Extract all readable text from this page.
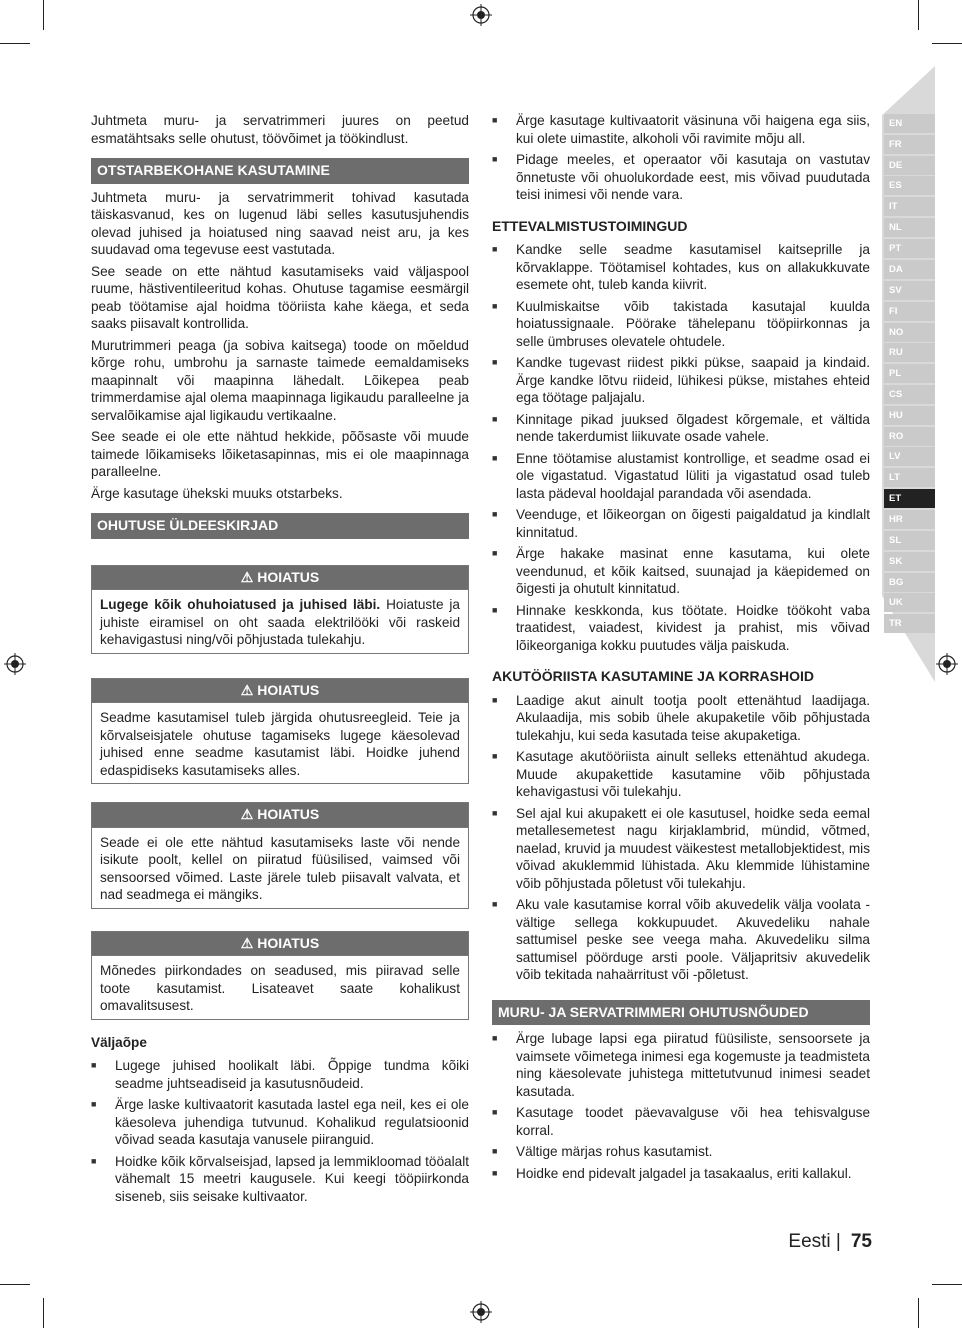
Juhtmeta muru- ja servatrimmeri juures on peetud esmatähtsaks selle ohutust, töövõimet ja töökindlust.

OTSTARBEKOHANE KASUTAMINE

Juhtmeta muru- ja servatrimmerit tohivad kasutada täiskasvanud, kes on lugenud läbi selles kasutusjuhendis olevad juhised ja hoiatused ning saavad neist aru, ja kes suudavad oma tegevuse eest vastutada.

See seade on ette nähtud kasutamiseks vaid väljaspool ruume, hästiventileeritud kohas. Ohutuse tagamise eesmärgil peab töötamise ajal hoidma tööriista kahe käega, et seda saaks piisavalt kontrollida.

Murutrimmeri peaga (ja sobiva kaitsega) toode on mõeldud kõrge rohu, umbrohu ja sarnaste taimede eemaldamiseks maapinnalt või maapinna lähedalt. Lõikepea peab trimmerdamise ajal olema maapinnaga ligikaudu paralleelne ja servalõikamise ajal ligikaudu vertikaalne.

See seade ei ole ette nähtud hekkide, põõsaste või muude taimede lõikamiseks lõiketasapinnas, mis ei ole maapinnaga paralleelne.

Ärge kasutage ühekski muuks otstarbeks.

OHUTUSE ÜLDEESKIRJAD
⚠ HOIATUS
Lugege kõik ohuhoiatused ja juhised läbi. Hoiatuste ja juhiste eiramisel on oht saada elektrilööki või raskeid kehavigastusi ning/või põhjustada tulekahju.
⚠ HOIATUS
Seadme kasutamisel tuleb järgida ohutusreegleid. Teie ja kõrvalseisjatele ohutuse tagamiseks lugege käesolevad juhised enne seadme kasutamist läbi. Hoidke juhend edaspidiseks kasutamiseks alles.
⚠ HOIATUS
Seade ei ole ette nähtud kasutamiseks laste või nende isikute poolt, kellel on piiratud füüsilised, vaimsed või sensoorsed võimed. Laste järele tuleb piisavalt valvata, et nad seadmega ei mängiks.
⚠ HOIATUS
Mõnedes piirkondades on seadused, mis piiravad selle toote kasutamist. Lisateavet saate kohalikust omavalitsusest.
Väljaõpe
■ Lugege juhised hoolikalt läbi. Õppige tundma kõiki seadme juhtseadiseid ja kasutusnõudeid.
■ Ärge laske kultivaatorit kasutada lastel ega neil, kes ei ole käesoleva juhendiga tutvunud. Kohalikud regulatsioonid võivad seada kasutaja vanusele piiranguid.
■ Hoidke kõik kõrvalseisjad, lapsed ja lemmikloomad tööalalt vähemalt 15 meetri kaugusele. Kui keegi tööpiirkonda siseneb, siis seisake kultivaator.
■ Ärge kasutage kultivaatorit väsinuna või haigena ega siis, kui olete uimastite, alkoholi või ravimite mõju all.
■ Pidage meeles, et operaator või kasutaja on vastutav õnnetuste või ohuolukordade eest, mis võivad puudutada teisi inimesi või nende vara.
ETTEVALMISTUSTOIMINGUD
■ Kandke selle seadme kasutamisel kaitseprille ja kõrvaklappe. Töötamisel kohtades, kus on allakukkuvate esemete oht, tuleb kanda kiivrit.
■ Kuulmiskaitse võib takistada kasutajal kuulda hoiatussignaale. Pöörake tähelepanu tööpiirkonnas ja selle ümbruses olevatele ohtudele.
■ Kandke tugevast riidest pikki pükse, saapaid ja kindaid. Ärge kandke lõtvu riideid, lühikesi pükse, mistahes ehteid ega töötage paljajalu.
■ Kinnitage pikad juuksed õlgadest kõrgemale, et vältida nende takerdumist liikuvate osade vahele.
■ Enne töötamise alustamist kontrollige, et seadme osad ei ole vigastatud. Vigastatud lüliti ja vigastatud osad tuleb lasta pädeval hooldajal parandada või asendada.
■ Veenduge, et lõikeorgan on õigesti paigaldatud ja kindlalt kinnitatud.
■ Ärge hakake masinat enne kasutama, kui olete veendunud, et kõik kaitsed, suunajad ja käepidemed on õigesti ja ohutult kinnitatud.
■ Hinnake keskkonda, kus töötate. Hoidke töökoht vaba traatidest, vaiadest, kividest ja prahist, mis võivad lõikeorganiga kokku puutudes välja paiskuda.
AKUTÖÖRIISTA KASUTAMINE JA KORRASHOID
■ Laadige akut ainult tootja poolt ettenähtud laadijaga. Akulaadija, mis sobib ühele akupaketile võib põhjustada tulekahju, kui seda kasutada teise akupaketiga.
■ Kasutage akutööriista ainult selleks ettenähtud akudega. Muude akupakettide kasutamine võib põhjustada kehavigastusi või tulekahju.
■ Sel ajal kui akupakett ei ole kasutusel, hoidke seda eemal metallesemetest nagu kirjaklambrid, mündid, võtmed, naelad, kruvid ja muudest väikestest metallobjektidest, mis võivad akuklemmid lühistada. Aku klemmide lühistamine võib põhjustada põletust või tulekahju.
■ Aku vale kasutamise korral võib akuvedelik välja voolata - vältige sellega kokkupuudet. Akuvedeliku nahale sattumisel peske see veega maha. Akuvedeliku silma sattumisel pöörduge arsti poole. Väljapritsiv akuvedelik võib tekitada nahaärritust või -põletust.
MURU- JA SERVATRIMMERI OHUTUSNÕUDED
■ Ärge lubage lapsi ega piiratud füüsiliste, sensoorsete ja vaimsete võimetega inimesi ega kogemuste ja teadmisteta ning käesolevate juhistega mittetutvunud inimesi seadet kasutada.
■ Kasutage toodet päevavalguse või hea tehisvalguse korral.
■ Vältige märjas rohus kasutamist.
■ Hoidke end pidevalt jalgadel ja tasakaalus, eriti kallakul.
EN
FR
DE
ES
IT
NL
PT
DA
SV
FI
NO
RU
PL
CS
HU
RO
LV
LT
ET
HR
SL
SK
BG
UK
TR
Eesti | 75
